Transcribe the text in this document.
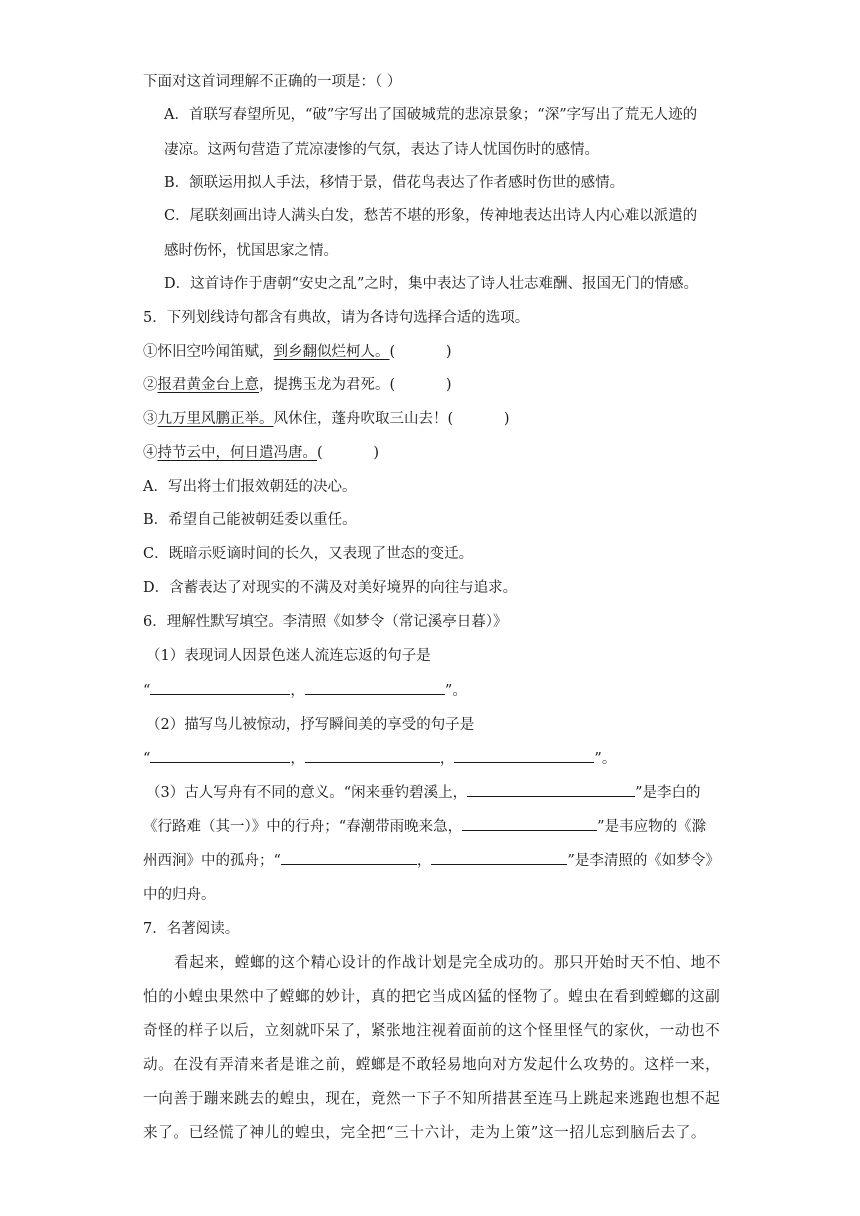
下面对这首词理解不正确的一项是：（ ）
A．首联写春望所见，“破”字写出了国破城荒的悲凉景象；“深”字写出了荒无人迹的
凄凉。这两句营造了荒凉凄惨的气氛，表达了诗人忧国伤时的感情。
B．颔联运用拟人手法，移情于景，借花鸟表达了作者感时伤世的感情。
C．尾联刻画出诗人满头白发，愁苦不堪的形象，传神地表达出诗人内心难以派遣的
感时伤怀，忧国思家之情。
D．这首诗作于唐朝“安史之乱”之时，集中表达了诗人壮志难酬、报国无门的情感。
5．下列划线诗句都含有典故，请为各诗句选择合适的选项。
①怀旧空吟闻笛赋，到乡翻似烂柯人。(           )
②报君黄金台上意，提携玉龙为君死。(           )
③九万里风鹏正举。风休住，蓬舟吹取三山去！(           )
④持节云中，何日遣冯唐。(           )
A．写出将士们报效朝廷的决心。
B．希望自己能被朝廷委以重任。
C．既暗示贬谪时间的长久，又表现了世态的变迁。
D．含蓄表达了对现实的不满及对美好境界的向往与追求。
6．理解性默写填空。李清照《如梦令（常记溪亭日暮）》
（1）表现词人因景色迷人流连忘返的句子是
“	，	”。
（2）描写鸟儿被惊动，抒写瞬间美的享受的句子是
“	，	，	”。
（3）古人写舟有不同的意义。“闲来垂钓碧溪上，	”是李白的
《行路难（其一）》中的行舟；“春潮带雨晚来急，	”是韦应物的《滁
州西涧》中的孤舟；“	，	”是李清照的《如梦令》
中的归舟。
7．名著阅读。
看起来，螳螂的这个精心设计的作战计划是完全成功的。那只开始时天不怕、地不
怕的小蝗虫果然中了螳螂的妙计，真的把它当成凶猛的怪物了。蝗虫在看到螳螂的这副
奇怪的样子以后，立刻就吓呆了，紧张地注视着面前的这个怪里怪气的家伙，一动也不
动。在没有弄清来者是谁之前，螳螂是不敢轻易地向对方发起什么攻势的。这样一来，
一向善于蹦来跳去的蝗虫，现在，竟然一下子不知所措甚至连马上跳起来逃跑也想不起
来了。已经慌了神儿的蝗虫，完全把“三十六计，走为上策”这一招儿忘到脑后去了。
